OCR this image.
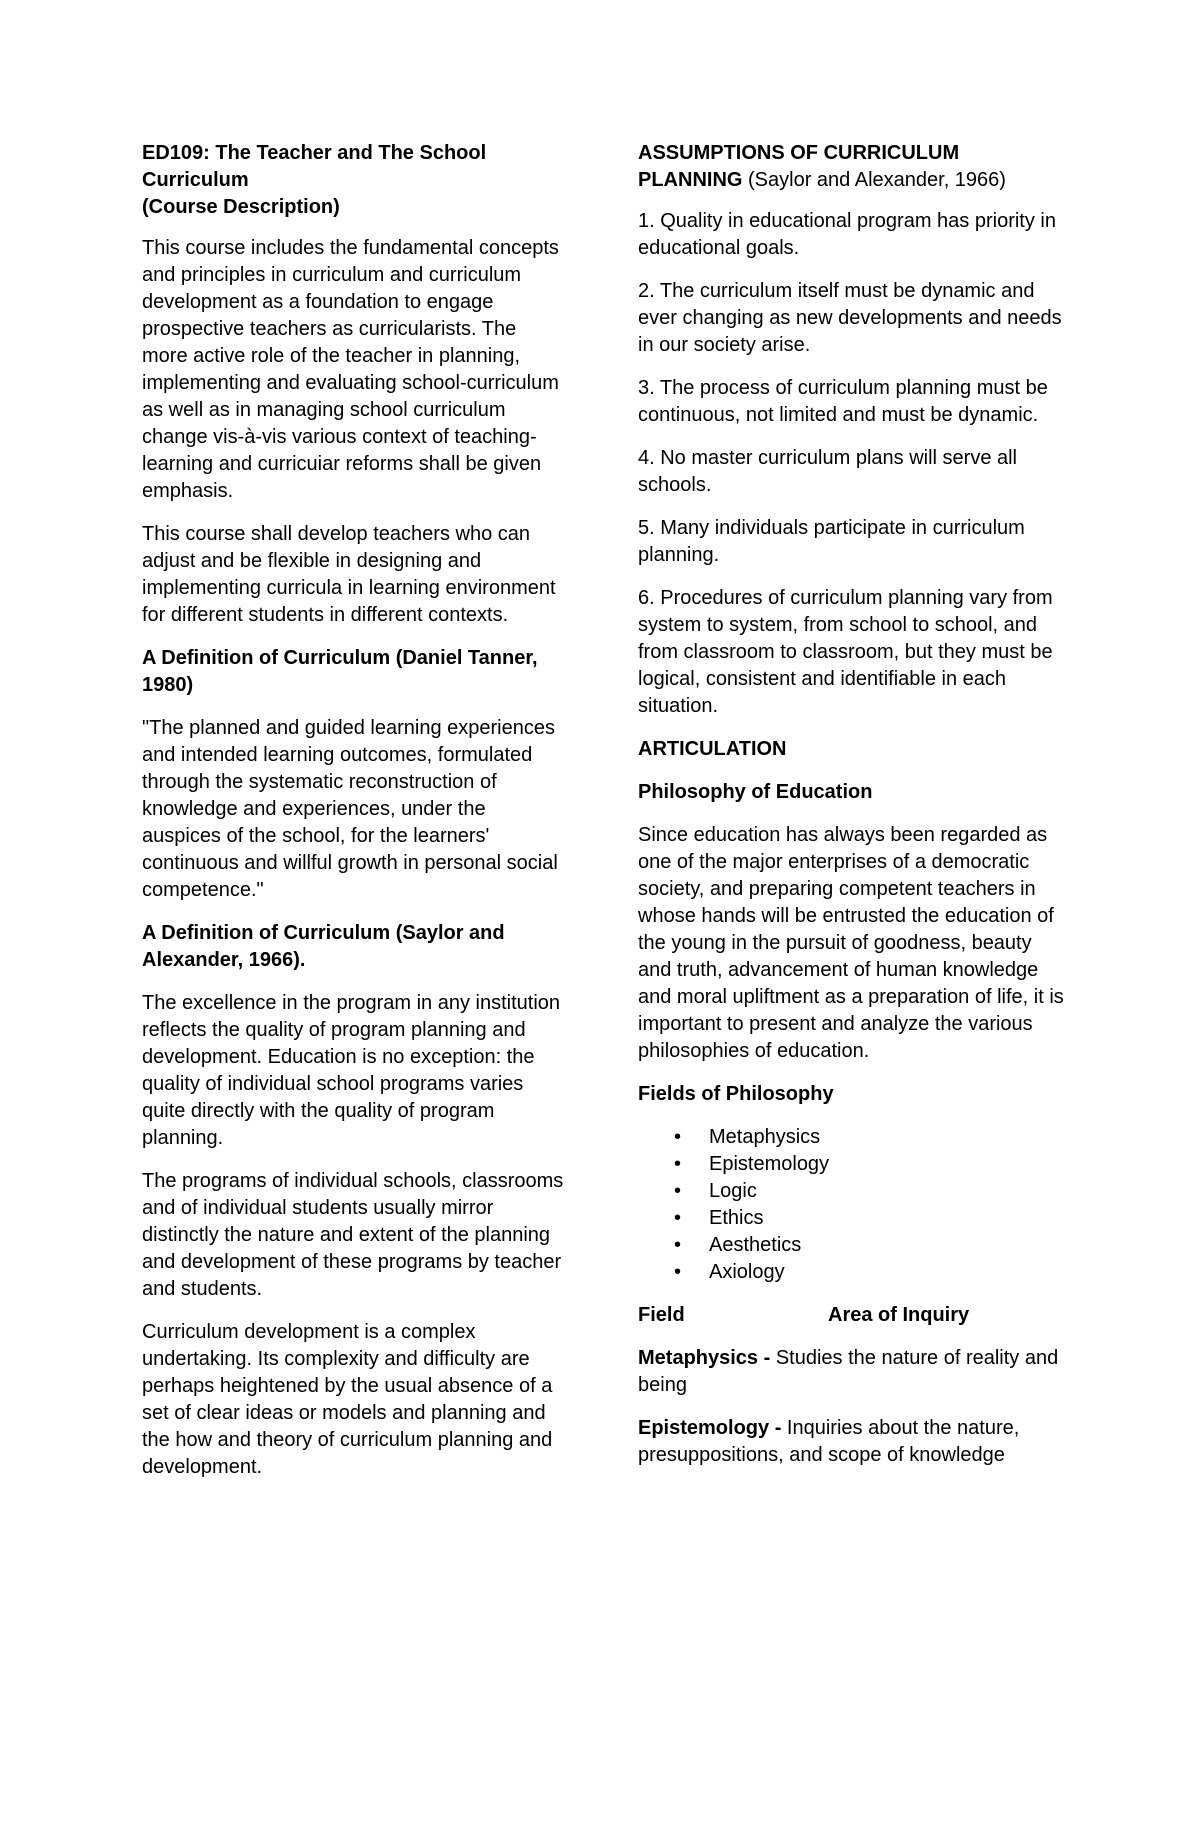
ED109: The Teacher and The School
Curriculum
(Course Description)

This course includes the fundamental concepts and principles in curriculum and curriculum development as a foundation to engage prospective teachers as curricularists. The more active role of the teacher in planning, implementing and evaluating school-curriculum as well as in managing school curriculum change vis-à-vis various context of teaching-learning and curricuiar reforms shall be given emphasis.

This course shall develop teachers who can adjust and be flexible in designing and implementing curricula in learning environment for different students in different contexts.

A Definition of Curriculum (Daniel Tanner, 1980)

"The planned and guided learning experiences and intended learning outcomes, formulated through the systematic reconstruction of knowledge and experiences, under the auspices of the school, for the learners' continuous and willful growth in personal social competence."

A Definition of Curriculum (Saylor and Alexander, 1966).

The excellence in the program in any institution reflects the quality of program planning and development. Education is no exception: the quality of individual school programs varies quite directly with the quality of program planning.

The programs of individual schools, classrooms and of individual students usually mirror distinctly the nature and extent of the planning and development of these programs by teacher and students.

Curriculum development is a complex undertaking. Its complexity and difficulty are perhaps heightened by the usual absence of a set of clear ideas or models and planning and the how and theory of curriculum planning and development.

ASSUMPTIONS OF CURRICULUM
PLANNING (Saylor and Alexander, 1966)

1. Quality in educational program has priority in educational goals.

2. The curriculum itself must be dynamic and ever changing as new developments and needs in our society arise.

3. The process of curriculum planning must be continuous, not limited and must be dynamic.

4. No master curriculum plans will serve all schools.

5. Many individuals participate in curriculum planning.

6. Procedures of curriculum planning vary from system to system, from school to school, and from classroom to classroom, but they must be logical, consistent and identifiable in each situation.

ARTICULATION
Philosophy of Education

Since education has always been regarded as one of the major enterprises of a democratic society, and preparing competent teachers in whose hands will be entrusted the education of the young in the pursuit of goodness, beauty and truth, advancement of human knowledge and moral upliftment as a preparation of life, it is important to present and analyze the various philosophies of education.

Fields of Philosophy
• Metaphysics
• Epistemology
• Logic
• Ethics
• Aesthetics
• Axiology
Field	Area of Inquiry

Metaphysics - Studies the nature of reality and being

Epistemology - Inquiries about the nature, presuppositions, and scope of knowledge
